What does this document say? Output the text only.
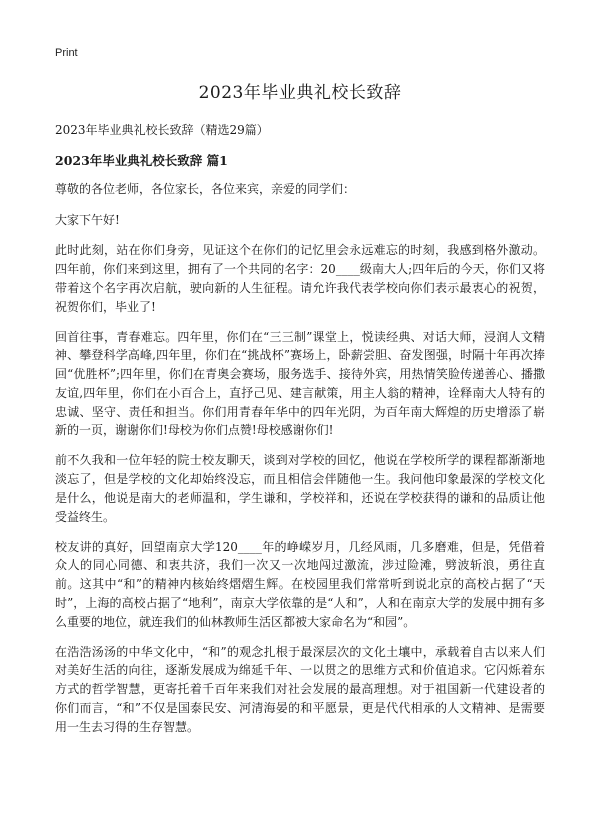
Print
2023年毕业典礼校长致辞

2023年毕业典礼校长致辞（精选29篇）

2023年毕业典礼校长致辞 篇1

尊敬的各位老师，各位家长，各位来宾，亲爱的同学们：

大家下午好!

此时此刻，站在你们身旁，见证这个在你们的记忆里会永远难忘的时刻，我感到格外激动。四年前，你们来到这里，拥有了一个共同的名字：20____级南大人;四年后的今天，你们又将带着这个名字再次启航，驶向新的人生征程。请允许我代表学校向你们表示最衷心的祝贺，祝贺你们，毕业了!

回首往事，青春难忘。四年里，你们在“三三制”课堂上，悦读经典、对话大师，浸润人文精神、攀登科学高峰,四年里，你们在“挑战杯”赛场上，卧薪尝胆、奋发图强，时隔十年再次捧回“优胜杯”;四年里，你们在青奥会赛场，服务选手、接待外宾，用热情笑脸传递善心、播撒友谊,四年里，你们在小百合上，直抒己见、建言献策，用主人翁的精神，诠释南大人特有的忠诚、坚守、责任和担当。你们用青春年华中的四年光阴，为百年南大辉煌的历史增添了崭新的一页，谢谢你们!母校为你们点赞!母校感谢你们!

前不久我和一位年轻的院士校友聊天，谈到对学校的回忆，他说在学校所学的课程都渐渐地淡忘了，但是学校的文化却始终没忘，而且相信会伴随他一生。我问他印象最深的学校文化是什么，他说是南大的老师温和，学生谦和，学校祥和，还说在学校获得的谦和的品质让他受益终生。

校友讲的真好，回望南京大学120____年的峥嵘岁月，几经风雨，几多磨难，但是，凭借着众人的同心同德、和衷共济，我们一次又一次地闯过激流，涉过险滩，劈波斩浪，勇往直前。这其中“和”的精神内核始终熠熠生辉。在校园里我们常常听到说北京的高校占据了“天时”，上海的高校占据了“地利”，南京大学依靠的是“人和”，人和在南京大学的发展中拥有多么重要的地位，就连我们的仙林教师生活区都被大家命名为“和园”。

在浩浩汤汤的中华文化中，“和”的观念扎根于最深层次的文化土壤中，承载着自古以来人们对美好生活的向往，逐渐发展成为绵延千年、一以贯之的思维方式和价值追求。它闪烁着东方式的哲学智慧，更寄托着千百年来我们对社会发展的最高理想。对于祖国新一代建设者的你们而言，“和”不仅是国泰民安、河清海晏的和平愿景，更是代代相承的人文精神、是需要用一生去习得的生存智慧。
